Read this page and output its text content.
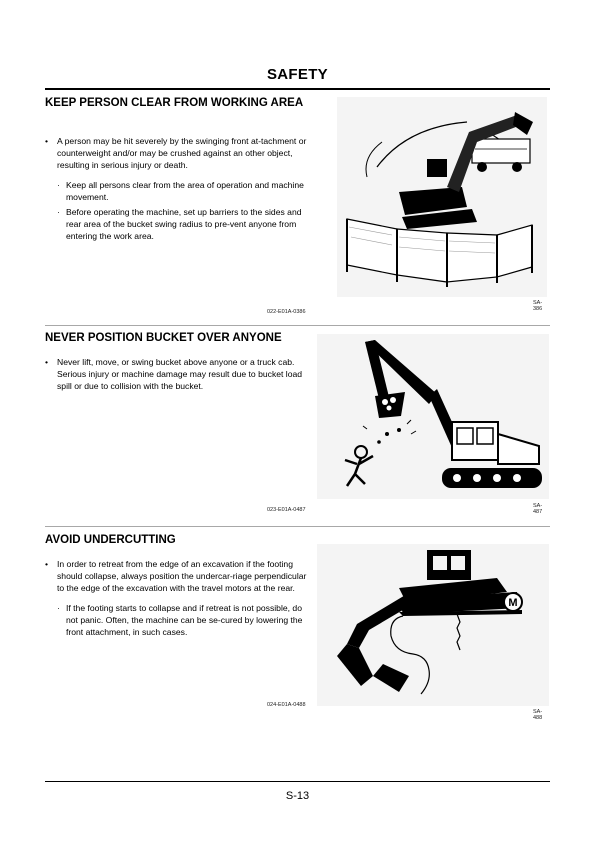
SAFETY
KEEP PERSON CLEAR FROM WORKING AREA
• A person may be hit severely by the swinging front at-tachment or counterweight and/or may be crushed against an other object, resulting in serious injury or death.
· Keep all persons clear from the area of operation and machine movement.
· Before operating the machine, set up barriers to the sides and rear area of the bucket swing radius to pre-vent anyone from entering the work area.
022-E01A-0386
SA-386
NEVER POSITION BUCKET OVER ANYONE
• Never lift, move, or swing bucket above anyone or a truck cab.
Serious injury or machine damage may result due to bucket load spill or due to collision with the bucket.
023-E01A-0487
SA-487
AVOID UNDERCUTTING
• In order to retreat from the edge of an excavation if the footing should collapse, always position the undercar-riage perpendicular to the edge of the excavation with the travel motors at the rear.
· If the footing starts to collapse and if retreat is not possible, do not panic. Often, the machine can be se-cured by lowering the front attachment, in such cases.
024-E01A-0488
SA-488
M
S-13
